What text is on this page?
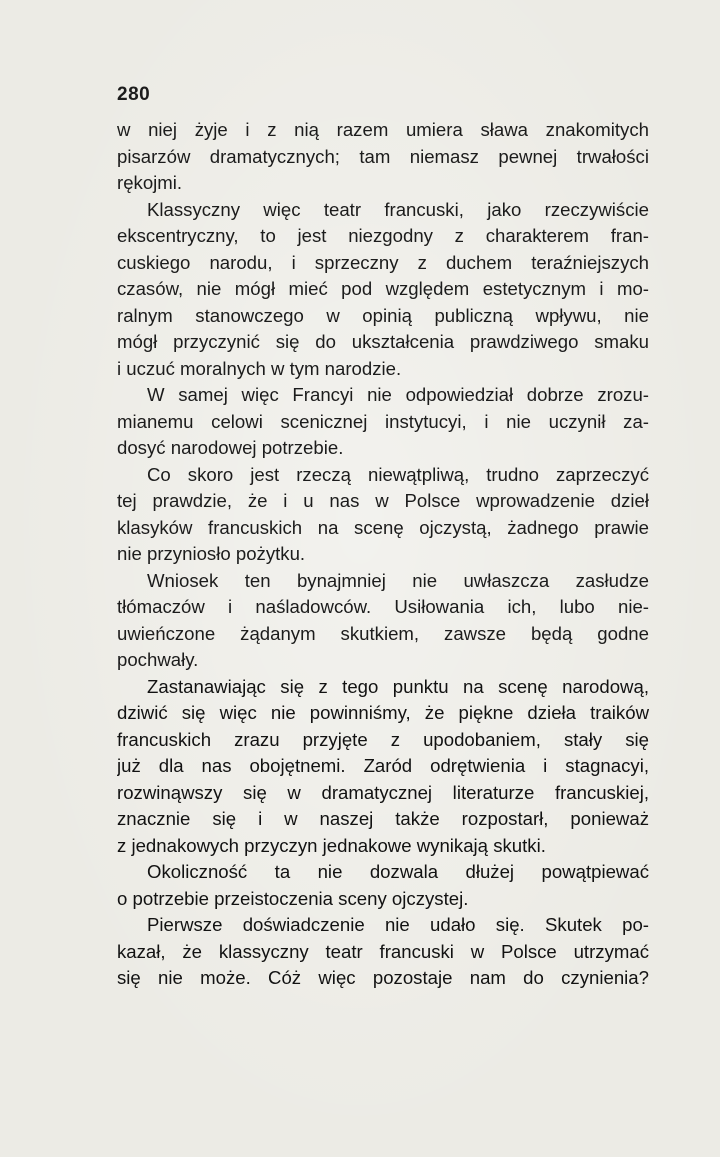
280

w niej żyje i z nią razem umiera sława znakomitych
pisarzów dramatycznych; tam niemasz pewnej trwałości
rękojmi.
Klassyczny więc teatr francuski, jako rzeczywiście
ekscentryczny, to jest niezgodny z charakterem fran-
cuskiego narodu, i sprzeczny z duchem teraźniejszych
czasów, nie mógł mieć pod względem estetycznym i mo-
ralnym stanowczego w opinią publiczną wpływu, nie
mógł przyczynić się do ukształcenia prawdziwego smaku
i uczuć moralnych w tym narodzie.
W samej więc Francyi nie odpowiedział dobrze zrozu-
mianemu celowi scenicznej instytucyi, i nie uczynił za-
dosyć narodowej potrzebie.
Co skoro jest rzeczą niewątpliwą, trudno zaprzeczyć
tej prawdzie, że i u nas w Polsce wprowadzenie dzieł
klasyków francuskich na scenę ojczystą, żadnego prawie
nie przyniosło pożytku.
Wniosek ten bynajmniej nie uwłaszcza zasłudze
tłómaczów i naśladowców. Usiłowania ich, lubo nie-
uwieńczone żądanym skutkiem, zawsze będą godne
pochwały.
Zastanawiając się z tego punktu na scenę narodową,
dziwić się więc nie powinniśmy, że piękne dzieła traików
francuskich zrazu przyjęte z upodobaniem, stały się
już dla nas obojętnemi. Zaród odrętwienia i stagnacyi,
rozwinąwszy się w dramatycznej literaturze francuskiej,
znacznie się i w naszej także rozpostarł, ponieważ
z jednakowych przyczyn jednakowe wynikają skutki.
Okoliczność ta nie dozwala dłużej powątpiewać
o potrzebie przeistoczenia sceny ojczystej.
Pierwsze doświadczenie nie udało się. Skutek po-
kazał, że klassyczny teatr francuski w Polsce utrzymać
się nie może. Cóż więc pozostaje nam do czynienia?
